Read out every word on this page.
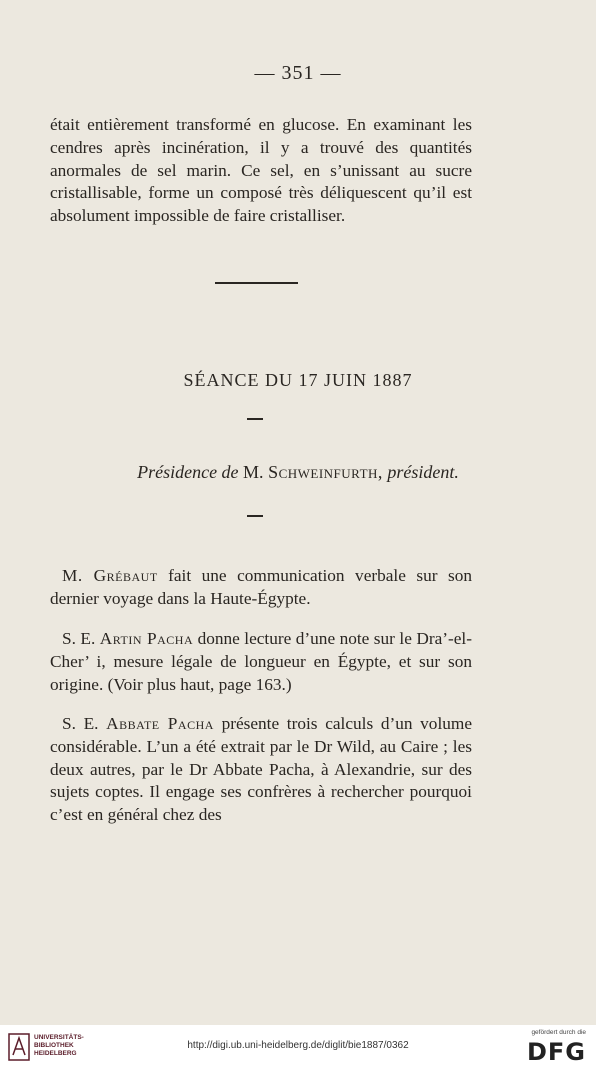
— 351 —
était entièrement transformé en glucose. En examinant les cendres après incinération, il y a trouvé des quantités anormales de sel marin. Ce sel, en s’unissant au sucre cristallisable, forme un composé très déliquescent qu’il est absolument impossible de faire cristalliser.
SÉANCE DU 17 JUIN 1887
Présidence de M. Schweinfurth, président.
M. Grébaut fait une communication verbale sur son dernier voyage dans la Haute-Égypte.
S. E. Artin Pacha donne lecture d’une note sur le Dra’-el-Cher’ i, mesure légale de longueur en Égypte, et sur son origine. (Voir plus haut, page 163.)
S. E. Abbate Pacha présente trois calculs d’un volume considérable. L’un a été extrait par le Dr Wild, au Caire ; les deux autres, par le Dr Abbate Pacha, à Alexandrie, sur des sujets coptes. Il engage ses confrères à rechercher pourquoi c’est en général chez des
UNIVERSITÄTS-
BIBLIOTHEK
HEIDELBERG
http://digi.ub.uni-heidelberg.de/diglit/bie1887/0362
gefördert durch die
DFG
